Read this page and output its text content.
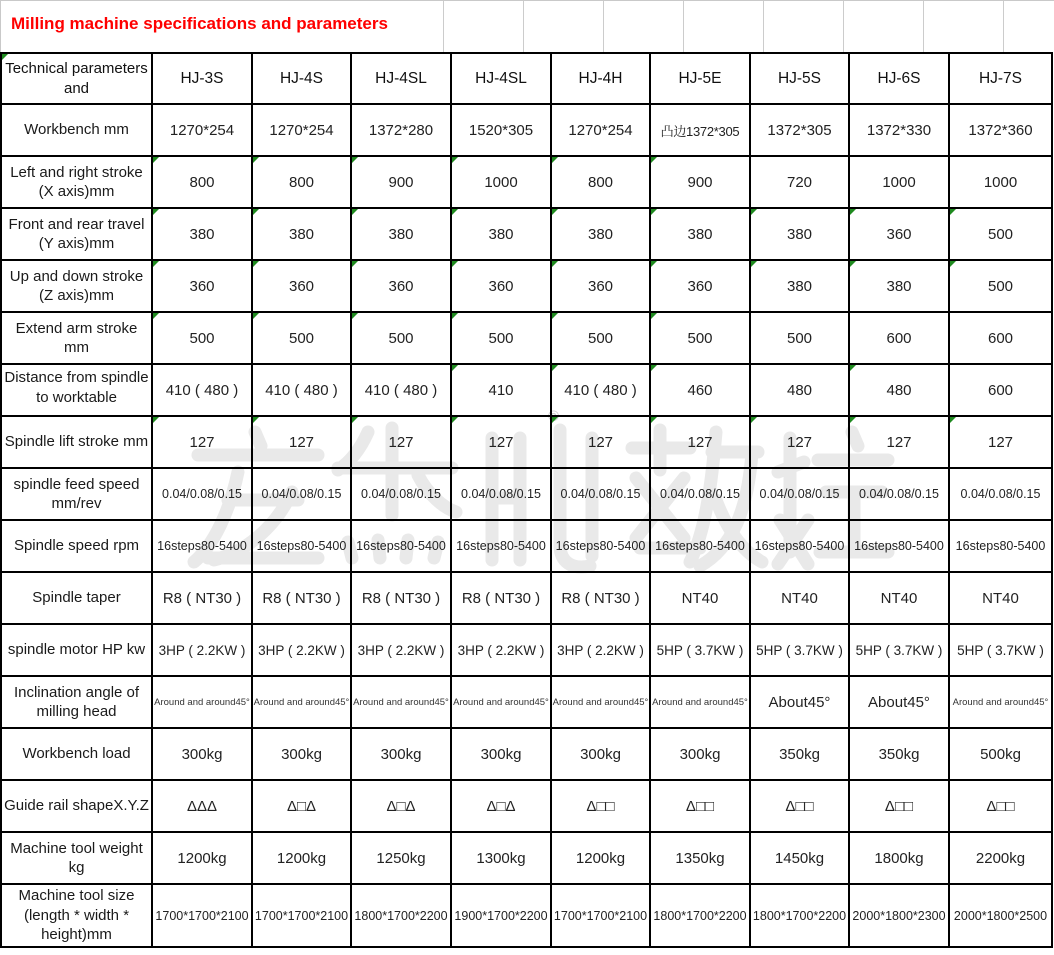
Milling machine specifications and parameters
®
Technical parameters and	HJ-3S	HJ-4S	HJ-4SL	HJ-4SL	HJ-4H	HJ-5E	HJ-5S	HJ-6S	HJ-7S
Workbench mm	1270*254	1270*254	1372*280	1520*305	1270*254	凸边1372*305	1372*305	1372*330	1372*360
Left and right stroke (X axis)mm	800	800	900	1000	800	900	720	1000	1000
Front and rear travel (Y axis)mm	380	380	380	380	380	380	380	360	500

Up and down stroke (Z axis)mm	360	360	360	360	360	360	380	380	500

Extend arm stroke mm	500	500	500	500	500	500	500	600	600

Distance from spindle to worktable	410 ( 480 )	410 ( 480 )	410 ( 480 )	410	410 ( 480 )	460	480	480	600
Spindle lift stroke mm	127	127	127	127	127	127	127	127	127

spindle feed speed mm/rev	0.04/0.08/0.15	0.04/0.08/0.15	0.04/0.08/0.15	0.04/0.08/0.15	0.04/0.08/0.15	0.04/0.08/0.15	0.04/0.08/0.15	0.04/0.08/0.15	0.04/0.08/0.15
Spindle speed rpm	16steps80-5400	16steps80-5400	16steps80-5400	16steps80-5400	16steps80-5400	16steps80-5400	16steps80-5400	16steps80-5400	16steps80-5400
Spindle taper	R8 ( NT30 )	R8 ( NT30 )	R8 ( NT30 )	R8 ( NT30 )	R8 ( NT30 )	NT40	NT40	NT40	NT40
spindle motor HP kw	3HP ( 2.2KW )	3HP ( 2.2KW )	3HP ( 2.2KW )	3HP ( 2.2KW )	3HP ( 2.2KW )	5HP ( 3.7KW )	5HP ( 3.7KW )	5HP ( 3.7KW )	5HP ( 3.7KW )
Inclination angle of milling head	Around and around45°	Around and around45°	Around and around45°	Around and around45°	Around and around45°	Around and around45°	About45°	About45°	Around and around45°
Workbench load	300kg	300kg	300kg	300kg	300kg	300kg	350kg	350kg	500kg
Guide rail shapeX.Y.Z	ΔΔΔ	Δ□Δ	Δ□Δ	Δ□Δ	Δ□□	Δ□□	Δ□□	Δ□□	Δ□□
Machine tool weight kg	1200kg	1200kg	1250kg	1300kg	1200kg	1350kg	1450kg	1800kg	2200kg
Machine tool size (length * width * height)mm	1700*1700*2100	1700*1700*2100	1800*1700*2200	1900*1700*2200	1700*1700*2100	1800*1700*2200	1800*1700*2200	2000*1800*2300	2000*1800*2500
